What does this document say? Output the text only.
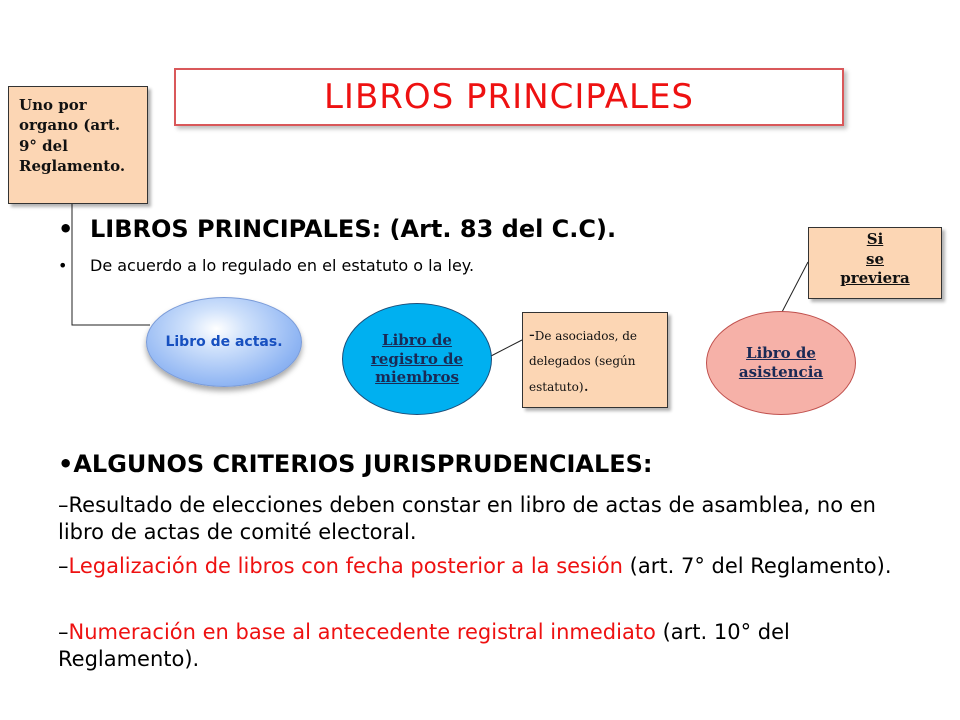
LIBROS PRINCIPALES
Uno por
organo (art.
9° del
Reglamento.
• LIBROS PRINCIPALES: (Art. 83 del C.C).
• De acuerdo a lo regulado en el estatuto o la ley.
Si
se
previera
Libro de actas.	Libro de
registro de
miembros
-De asociados, de
delegados (según
estatuto).
Libro de
asistencia
•ALGUNOS CRITERIOS JURISPRUDENCIALES:
–Resultado de elecciones deben constar en libro de actas de asamblea, no en libro de actas de comité electoral.
–Legalización de libros con fecha posterior a la sesión (art. 7° del Reglamento).
–Numeración en base al antecedente registral inmediato (art. 10° del Reglamento).
